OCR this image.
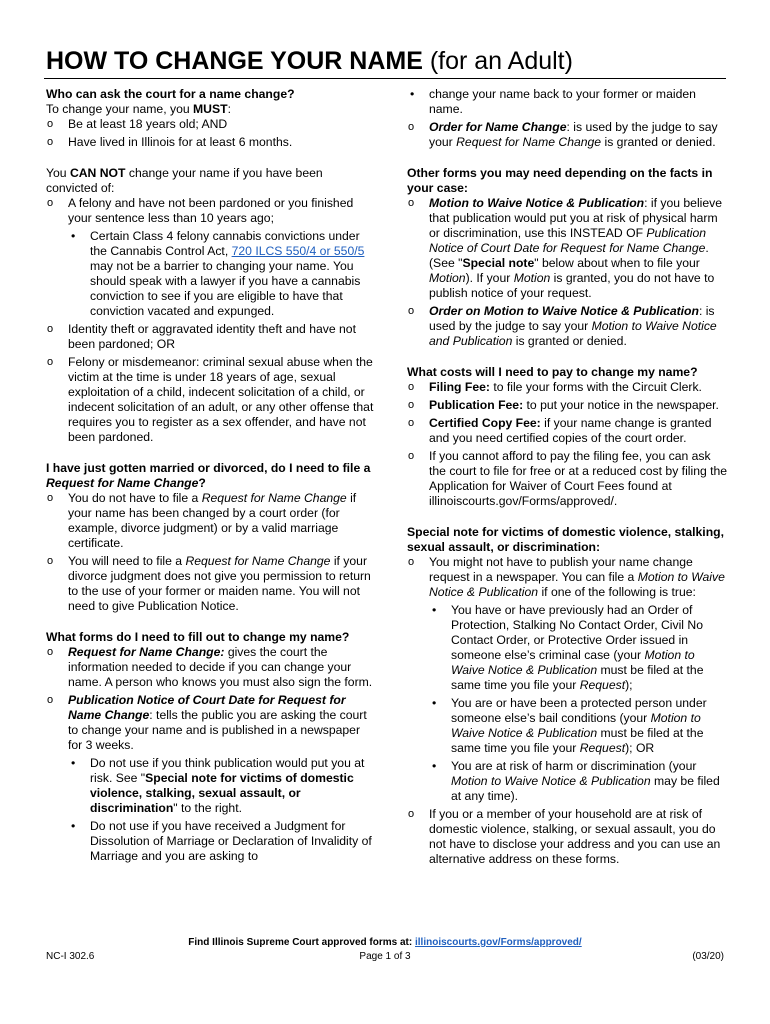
HOW TO CHANGE YOUR NAME (for an Adult)
Who can ask the court for a name change?

To change your name, you MUST:

o Be at least 18 years old; AND
o Have lived in Illinois for at least 6 months.

You CAN NOT change your name if you have been convicted of:

o A felony and have not been pardoned or you finished your sentence less than 10 years ago;
• Certain Class 4 felony cannabis convictions under the Cannabis Control Act, 720 ILCS 550/4 or 550/5 may not be a barrier to changing your name. You should speak with a lawyer if you have a cannabis conviction to see if you are eligible to have that conviction vacated and expunged.
o Identity theft or aggravated identity theft and have not been pardoned; OR
o Felony or misdemeanor: criminal sexual abuse when the victim at the time is under 18 years of age, sexual exploitation of a child, indecent solicitation of a child, or indecent solicitation of an adult, or any other offense that requires you to register as a sex offender, and have not been pardoned.
I have just gotten married or divorced, do I need to file a Request for Name Change?
o You do not have to file a Request for Name Change if your name has been changed by a court order (for example, divorce judgment) or by a valid marriage certificate.
o You will need to file a Request for Name Change if your divorce judgment does not give you permission to return to the use of your former or maiden name. You will not need to give Publication Notice.
What forms do I need to fill out to change my name?
o Request for Name Change: gives the court the information needed to decide if you can change your name. A person who knows you must also sign the form.
o Publication Notice of Court Date for Request for Name Change: tells the public you are asking the court to change your name and is published in a newspaper for 3 weeks.
• Do not use if you think publication would put you at risk. See "Special note for victims of domestic violence, stalking, sexual assault, or discrimination" to the right.
• Do not use if you have received a Judgment for Dissolution of Marriage or Declaration of Invalidity of Marriage and you are asking to
• change your name back to your former or maiden name.
o Order for Name Change: is used by the judge to say your Request for Name Change is granted or denied.
Other forms you may need depending on the facts in your case:
o Motion to Waive Notice & Publication: if you believe that publication would put you at risk of physical harm or discrimination, use this INSTEAD OF Publication Notice of Court Date for Request for Name Change. (See "Special note" below about when to file your Motion). If your Motion is granted, you do not have to publish notice of your request.
o Order on Motion to Waive Notice & Publication: is used by the judge to say your Motion to Waive Notice and Publication is granted or denied.
What costs will I need to pay to change my name?
o Filing Fee: to file your forms with the Circuit Clerk.
o Publication Fee: to put your notice in the newspaper.
o Certified Copy Fee: if your name change is granted and you need certified copies of the court order.
o If you cannot afford to pay the filing fee, you can ask the court to file for free or at a reduced cost by filing the Application for Waiver of Court Fees found at illinoiscourts.gov/Forms/approved/.
Special note for victims of domestic violence, stalking, sexual assault, or discrimination:
o You might not have to publish your name change request in a newspaper. You can file a Motion to Waive Notice & Publication if one of the following is true:
• You have or have previously had an Order of Protection, Stalking No Contact Order, Civil No Contact Order, or Protective Order issued in someone else’s criminal case (your Motion to Waive Notice & Publication must be filed at the same time you file your Request);
• You are or have been a protected person under someone else’s bail conditions (your Motion to Waive Notice & Publication must be filed at the same time you file your Request); OR
• You are at risk of harm or discrimination (your Motion to Waive Notice & Publication may be filed at any time).
o If you or a member of your household are at risk of domestic violence, stalking, or sexual assault, you do not have to disclose your address and you can use an alternative address on these forms.
Find Illinois Supreme Court approved forms at: illinoiscourts.gov/Forms/approved/
NC-I 302.6	Page 1 of 3	(03/20)
